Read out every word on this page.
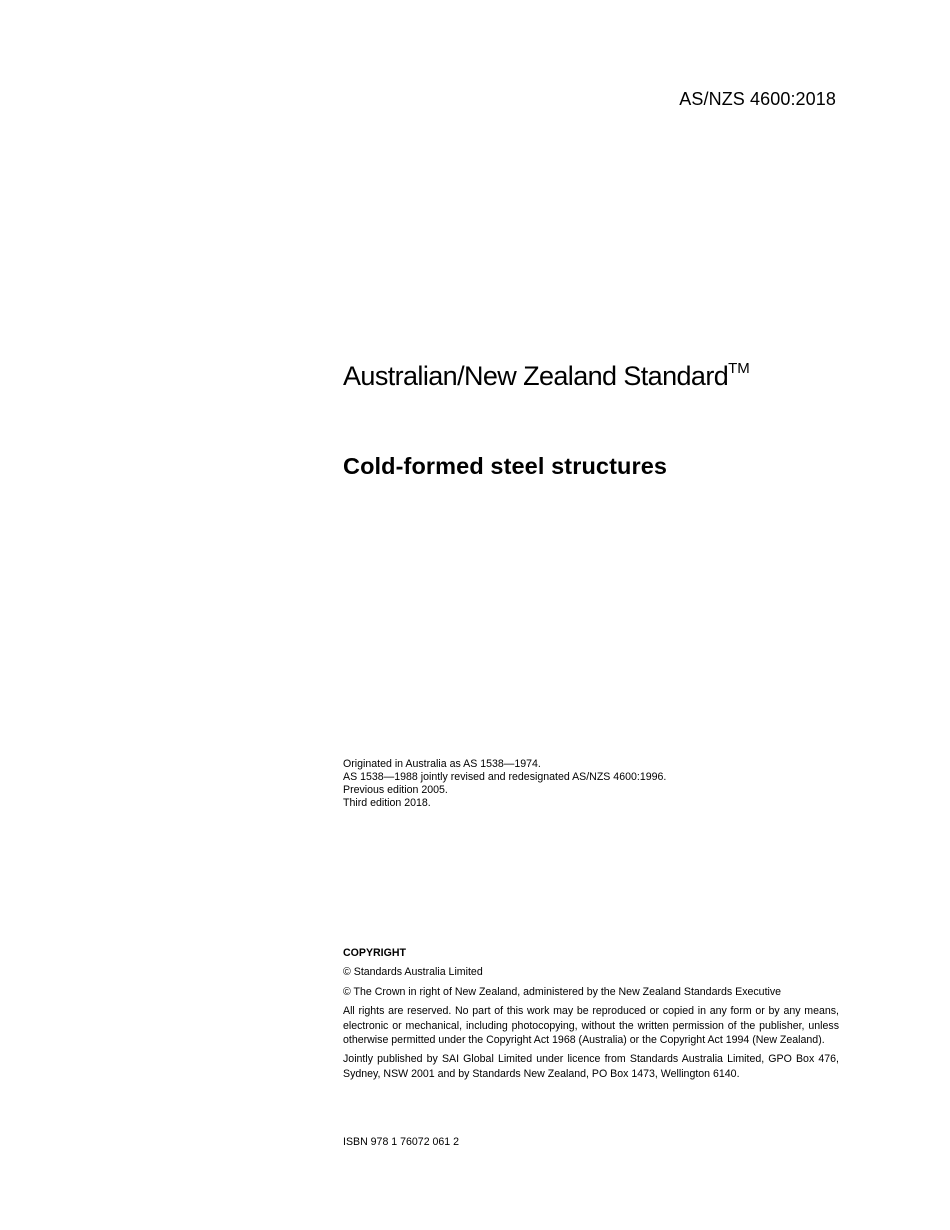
AS/NZS 4600:2018
Australian/New Zealand Standard™
Cold-formed steel structures
Originated in Australia as AS 1538—1974.
AS 1538—1988 jointly revised and redesignated AS/NZS 4600:1996.
Previous edition 2005.
Third edition 2018.
COPYRIGHT

© Standards Australia Limited

© The Crown in right of New Zealand, administered by the New Zealand Standards Executive

All rights are reserved. No part of this work may be reproduced or copied in any form or by any means, electronic or mechanical, including photocopying, without the written permission of the publisher, unless otherwise permitted under the Copyright Act 1968 (Australia) or the Copyright Act 1994 (New Zealand).

Jointly published by SAI Global Limited under licence from Standards Australia Limited, GPO Box 476, Sydney, NSW 2001 and by Standards New Zealand, PO Box 1473, Wellington 6140.

ISBN 978 1 76072 061 2
